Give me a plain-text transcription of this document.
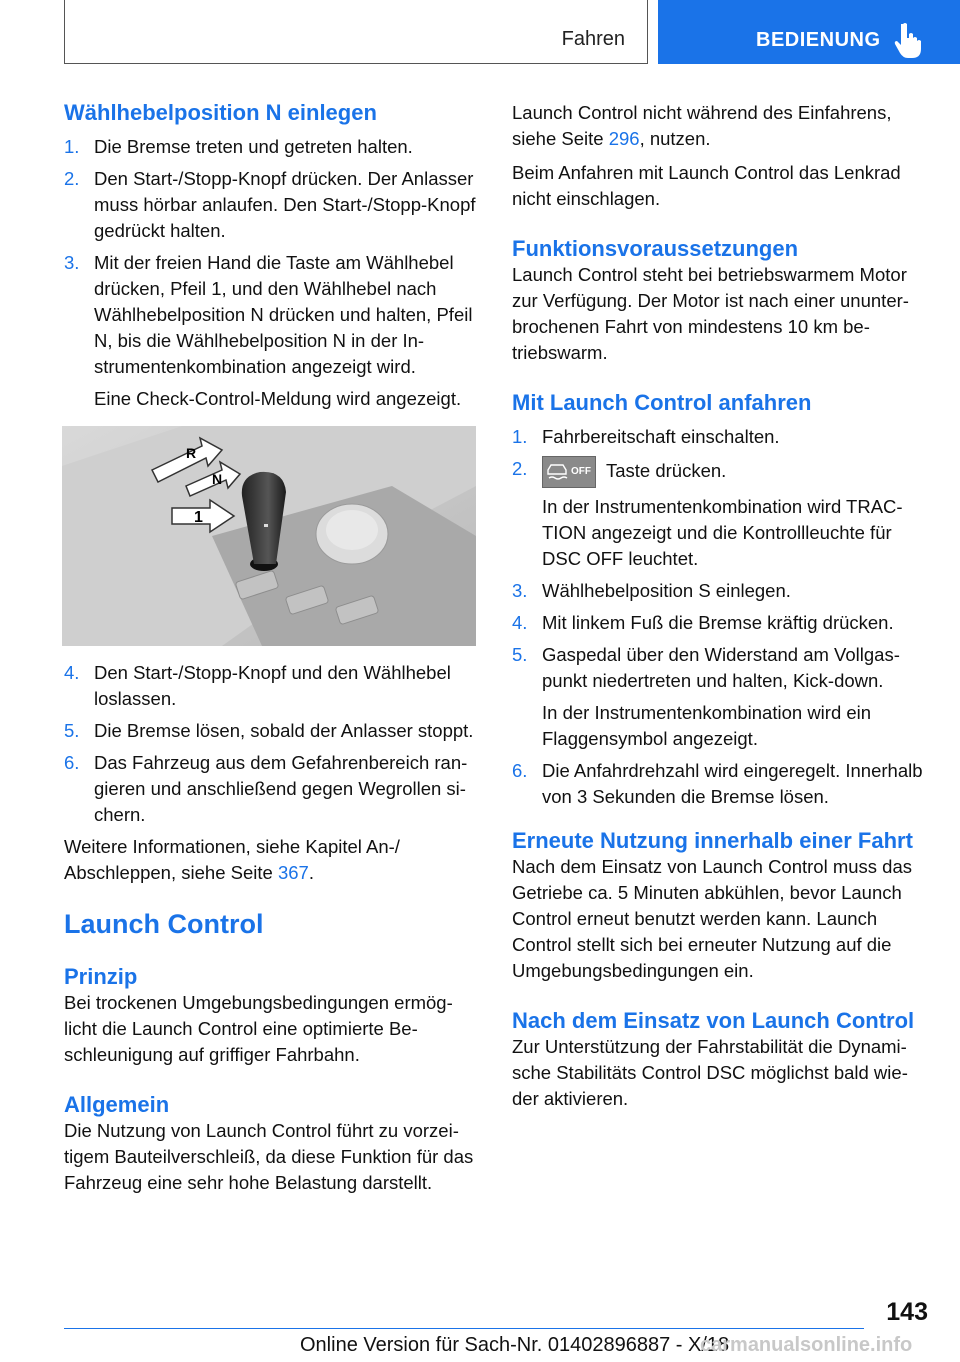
Fahren	BEDIENUNG
Wählhebelposition N einlegen
1. Die Bremse treten und getreten halten.
2. Den Start-/Stopp-Knopf drücken. Der Anlasser muss hörbar anlaufen. Den Start-/Stopp-Knopf gedrückt halten.
3. Mit der freien Hand die Taste am Wählhebel drücken, Pfeil 1, und den Wählhebel nach Wählhebelposition N drücken und halten, Pfeil N, bis die Wählhebelposition N in der Instrumentenkombination angezeigt wird.
Eine Check-Control-Meldung wird angezeigt.
R
N
1
4. Den Start-/Stopp-Knopf und den Wählhebel loslassen.
5. Die Bremse lösen, sobald der Anlasser stoppt.
6. Das Fahrzeug aus dem Gefahrenbereich rangieren und anschließend gegen Wegrollen sichern.

Weitere Informationen, siehe Kapitel An-/ Abschleppen, siehe Seite 367.

Launch Control
Prinzip

Bei trockenen Umgebungsbedingungen ermöglicht die Launch Control eine optimierte Beschleunigung auf griffiger Fahrbahn.

Allgemein

Die Nutzung von Launch Control führt zu vorzeitigem Bauteilverschleiß, da diese Funktion für das Fahrzeug eine sehr hohe Belastung darstellt.

Launch Control nicht während des Einfahrens, siehe Seite 296, nutzen.

Beim Anfahren mit Launch Control das Lenkrad nicht einschlagen.

Funktionsvoraussetzungen

Launch Control steht bei betriebswarmem Motor zur Verfügung. Der Motor ist nach einer ununterbrochenen Fahrt von mindestens 10 km betriebswarm.

Mit Launch Control anfahren
1. Fahrbereitschaft einschalten.
2.	OFF Taste drücken.
In der Instrumentenkombination wird TRACTION angezeigt und die Kontrollleuchte für DSC OFF leuchtet.
3. Wählhebelposition S einlegen.
4. Mit linkem Fuß die Bremse kräftig drücken.
5. Gaspedal über den Widerstand am Vollgaspunkt niedertreten und halten, Kick-down.
In der Instrumentenkombination wird ein Flaggensymbol angezeigt.
6. Die Anfahrdrehzahl wird eingeregelt. Innerhalb von 3 Sekunden die Bremse lösen.
Erneute Nutzung innerhalb einer Fahrt

Nach dem Einsatz von Launch Control muss das Getriebe ca. 5 Minuten abkühlen, bevor Launch Control erneut benutzt werden kann. Launch Control stellt sich bei erneuter Nutzung auf die Umgebungsbedingungen ein.

Nach dem Einsatz von Launch Control

Zur Unterstützung der Fahrstabilität die Dynamische Stabilitäts Control DSC möglichst bald wieder aktivieren.

143
Online Version für Sach-Nr. 01402896887 - X/18
carmanualsonline.info
